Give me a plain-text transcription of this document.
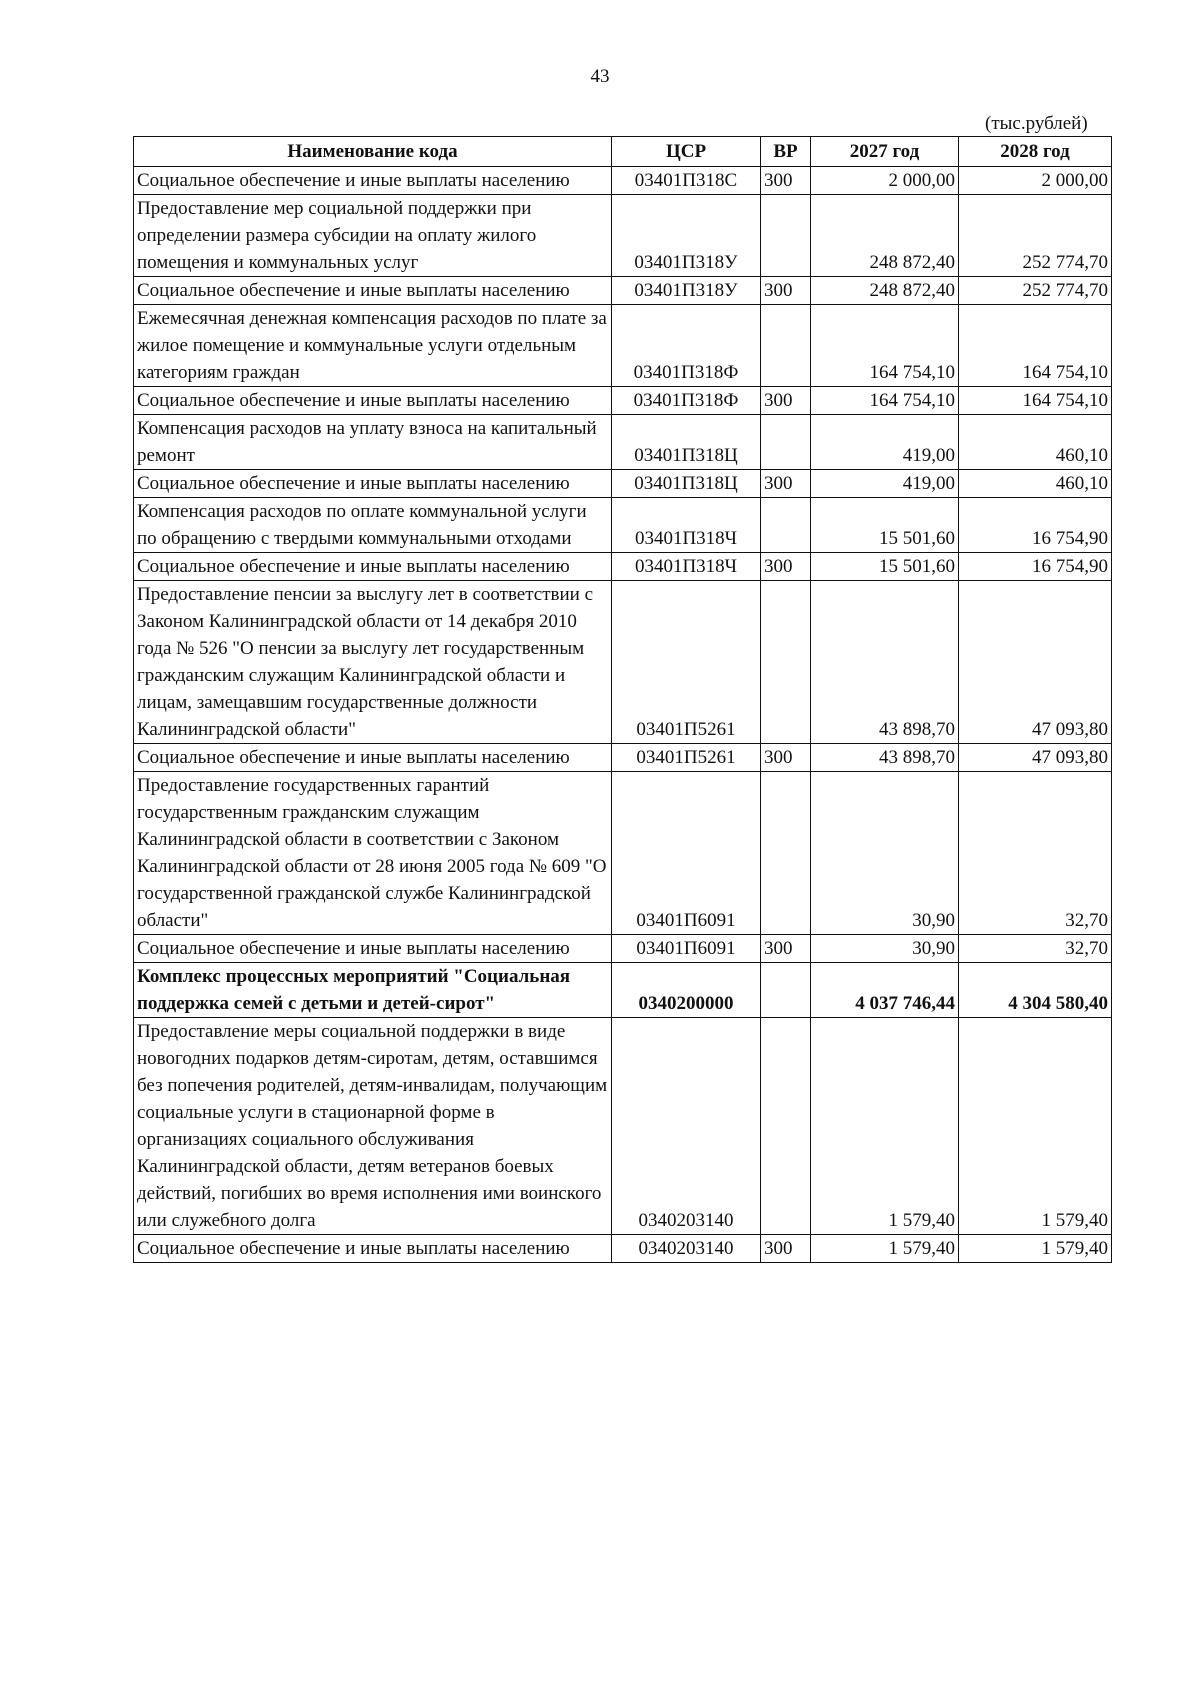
43
(тыс.рублей)
Наименование кода	ЦСР	ВР	2027 год	2028 год
Социальное обеспечение и иные выплаты населению	03401П318С	300	2 000,00	2 000,00
Предоставление мер социальной поддержки при определении размера субсидии на оплату жилого помещения и коммунальных услуг	03401П318У		248 872,40	252 774,70
Социальное обеспечение и иные выплаты населению	03401П318У	300	248 872,40	252 774,70
Ежемесячная денежная компенсация расходов по плате за жилое помещение и коммунальные услуги отдельным категориям граждан	03401П318Ф		164 754,10	164 754,10
Социальное обеспечение и иные выплаты населению	03401П318Ф	300	164 754,10	164 754,10
Компенсация расходов на уплату взноса на капитальный ремонт	03401П318Ц		419,00	460,10
Социальное обеспечение и иные выплаты населению	03401П318Ц	300	419,00	460,10
Компенсация расходов по оплате коммунальной услуги по обращению с твердыми коммунальными отходами	03401П318Ч		15 501,60	16 754,90
Социальное обеспечение и иные выплаты населению	03401П318Ч	300	15 501,60	16 754,90
Предоставление пенсии за выслугу лет в соответствии с Законом Калининградской области от 14 декабря 2010 года № 526 "О пенсии за выслугу лет государственным гражданским служащим Калининградской области и лицам, замещавшим государственные должности Калининградской области"	03401П5261		43 898,70	47 093,80
Социальное обеспечение и иные выплаты населению	03401П5261	300	43 898,70	47 093,80
Предоставление государственных гарантий государственным гражданским служащим Калининградской области в соответствии с Законом Калининградской области от 28 июня 2005 года № 609 "О государственной гражданской службе Калининградской области"	03401П6091		30,90	32,70
Социальное обеспечение и иные выплаты населению	03401П6091	300	30,90	32,70
Комплекс процессных мероприятий "Социальная поддержка семей с детьми и детей-сирот"	0340200000		4 037 746,44	4 304 580,40
Предоставление меры социальной поддержки в виде новогодних подарков детям-сиротам, детям, оставшимся без попечения родителей, детям-инвалидам, получающим социальные услуги в стационарной форме в организациях социального обслуживания Калининградской области, детям ветеранов боевых действий, погибших во время исполнения ими воинского или служебного долга	0340203140		1 579,40	1 579,40
Социальное обеспечение и иные выплаты населению	0340203140	300	1 579,40	1 579,40
